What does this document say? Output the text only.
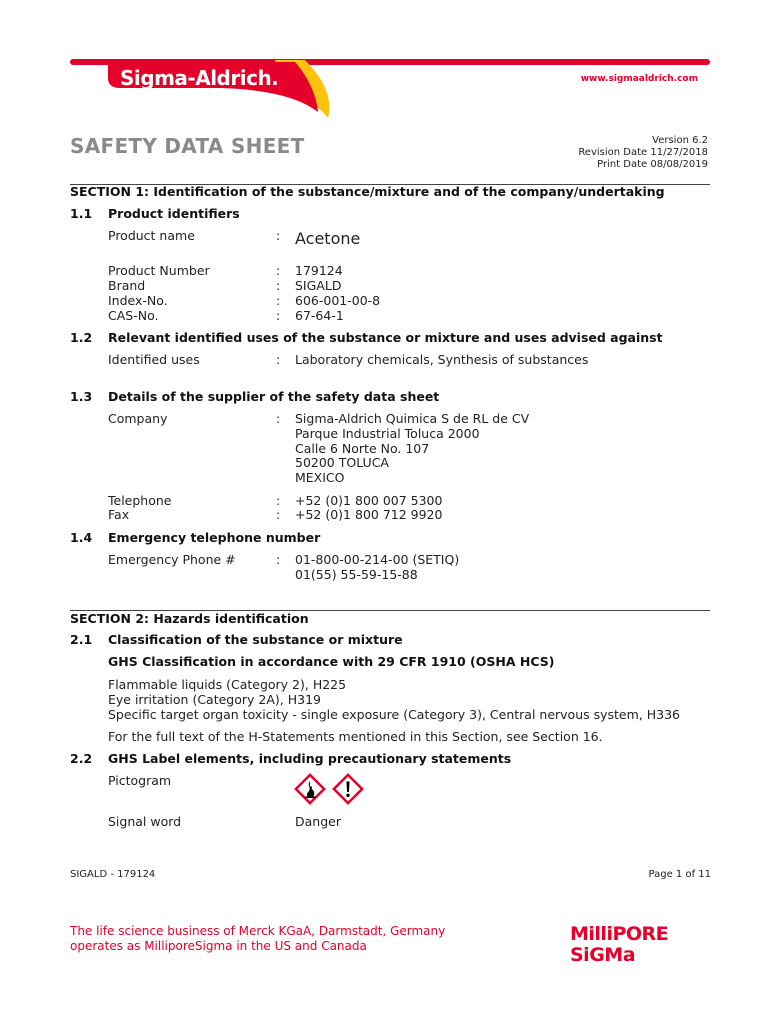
Sigma-Aldrich.	www.sigmaaldrich.com
SAFETY DATA SHEET	Version 6.2
Revision Date 11/27/2018
Print Date 08/08/2019
SECTION 1: Identification of the substance/mixture and of the company/undertaking
1.1 Product identifiers
Product name	: Acetone
Product Number	: 179124
Brand	: SIGALD
Index-No.	: 606-001-00-8
CAS-No.	: 67-64-1
1.2 Relevant identified uses of the substance or mixture and uses advised against
Identified uses	: Laboratory chemicals, Synthesis of substances
1.3 Details of the supplier of the safety data sheet
Company	: Sigma-Aldrich Quimica S de RL de CV
Parque Industrial Toluca 2000
Calle 6 Norte No. 107
50200 TOLUCA
MEXICO
Telephone	: +52 (0)1 800 007 5300
Fax	: +52 (0)1 800 712 9920
1.4 Emergency telephone number
Emergency Phone #	: 01-800-00-214-00 (SETIQ)
01(55) 55-59-15-88
SECTION 2: Hazards identification
2.1 Classification of the substance or mixture
GHS Classification in accordance with 29 CFR 1910 (OSHA HCS)
Flammable liquids (Category 2), H225
Eye irritation (Category 2A), H319
Specific target organ toxicity - single exposure (Category 3), Central nervous system, H336
For the full text of the H-Statements mentioned in this Section, see Section 16.
2.2 GHS Label elements, including precautionary statements
Pictogram
Signal word	Danger
SIGALD - 179124	Page 1 of 11
The life science business of Merck KGaA, Darmstadt, Germany
operates as MilliporeSigma in the US and Canada
MilliPORE
SiGMa
